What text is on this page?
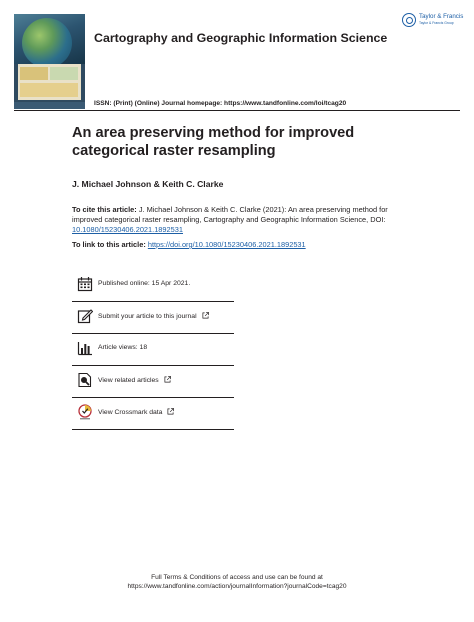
Cartography and Geographic Information Science
Taylor & Francis
Taylor & Francis Group
ISSN: (Print) (Online) Journal homepage: https://www.tandfonline.com/loi/tcag20
An area preserving method for improved categorical raster resampling
J. Michael Johnson & Keith C. Clarke
To cite this article: J. Michael Johnson & Keith C. Clarke (2021): An area preserving method for improved categorical raster resampling, Cartography and Geographic Information Science, DOI: 10.1080/15230406.2021.1892531
To link to this article: https://doi.org/10.1080/15230406.2021.1892531
Published online: 15 Apr 2021.
Submit your article to this journal
Article views: 18
View related articles
View Crossmark data
Full Terms & Conditions of access and use can be found at
https://www.tandfonline.com/action/journalInformation?journalCode=tcag20
